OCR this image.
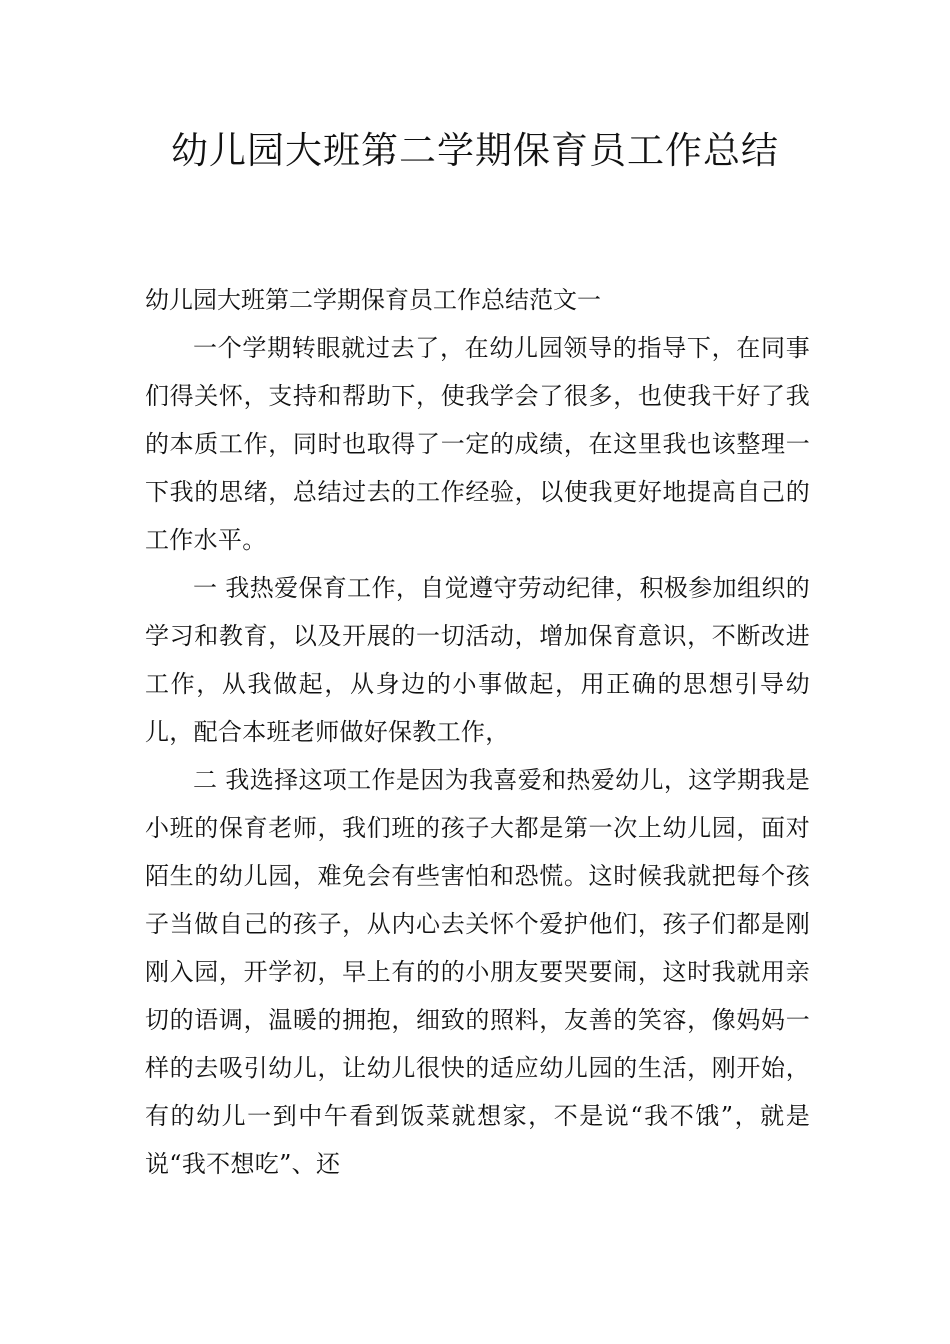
幼儿园大班第二学期保育员工作总结

幼儿园大班第二学期保育员工作总结范文一

一个学期转眼就过去了，在幼儿园领导的指导下，在同事们得关怀，支持和帮助下，使我学会了很多，也使我干好了我的本质工作，同时也取得了一定的成绩，在这里我也该整理一下我的思绪，总结过去的工作经验，以使我更好地提高自己的工作水平。

一 我热爱保育工作，自觉遵守劳动纪律，积极参加组织的学习和教育，以及开展的一切活动，增加保育意识，不断改进工作，从我做起，从身边的小事做起，用正确的思想引导幼儿，配合本班老师做好保教工作，

二 我选择这项工作是因为我喜爱和热爱幼儿，这学期我是小班的保育老师，我们班的孩子大都是第一次上幼儿园，面对陌生的幼儿园，难免会有些害怕和恐慌。这时候我就把每个孩子当做自己的孩子，从内心去关怀个爱护他们，孩子们都是刚刚入园，开学初，早上有的的小朋友要哭要闹，这时我就用亲切的语调，温暖的拥抱，细致的照料，友善的笑容，像妈妈一样的去吸引幼儿，让幼儿很快的适应幼儿园的生活，刚开始，有的幼儿一到中午看到饭菜就想家，不是说“我不饿”，就是说“我不想吃”、还
